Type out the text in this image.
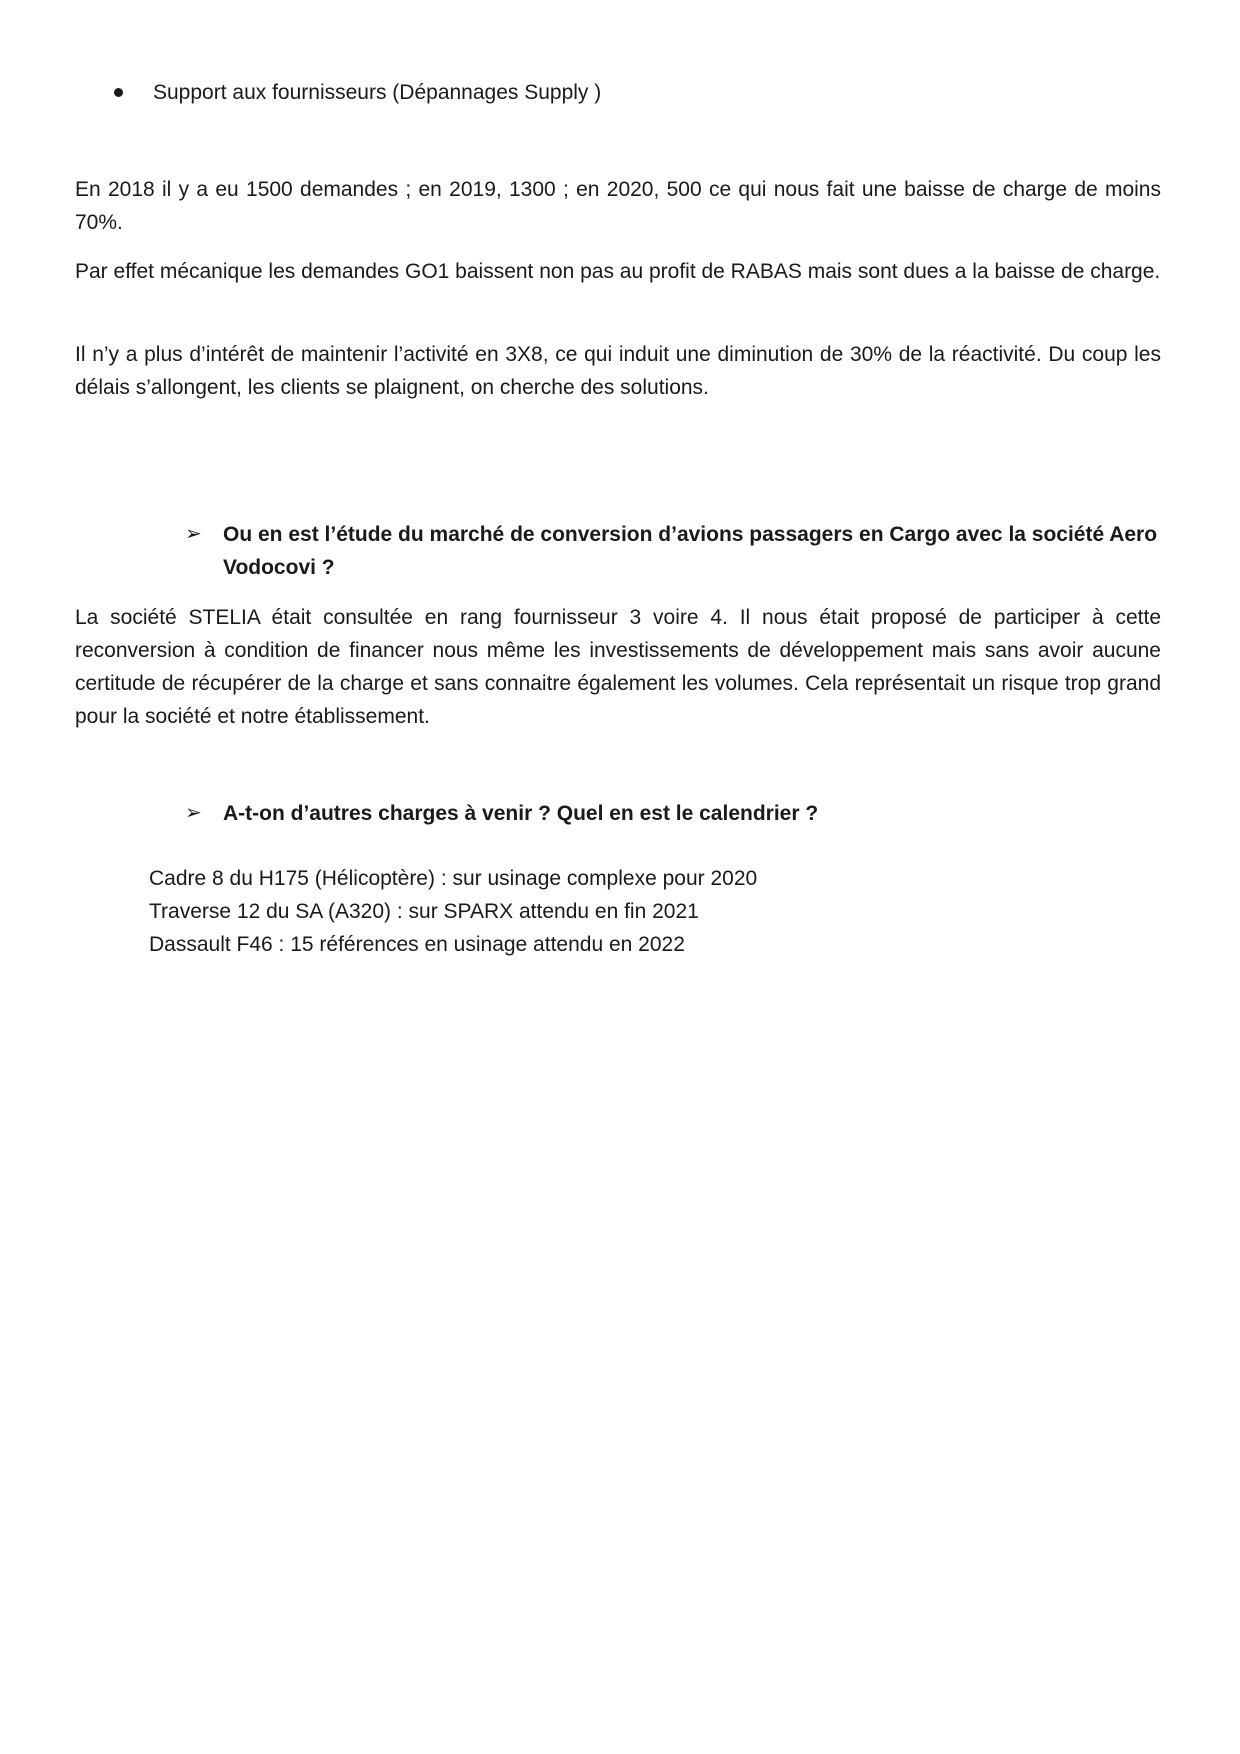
Support aux fournisseurs (Dépannages Supply )

En 2018 il y a eu 1500 demandes ; en 2019, 1300 ; en 2020, 500 ce qui nous fait une baisse de charge de moins 70%.

Par effet mécanique les demandes GO1 baissent non pas au profit de RABAS mais sont dues a la baisse de charge.

Il n’y a plus d’intérêt de maintenir l’activité en 3X8, ce qui induit une diminution de 30% de la réactivité. Du coup les délais s’allongent, les clients se plaignent, on cherche des solutions.

➢	Ou en est l’étude du marché de conversion d’avions passagers en Cargo avec la société Aero Vodocovi ?

La société STELIA était consultée en rang fournisseur 3 voire 4. Il nous était proposé de participer à cette reconversion à condition de financer nous même les investissements de développement mais sans avoir aucune certitude de récupérer de la charge et sans connaitre également les volumes. Cela représentait un risque trop grand pour la société et notre établissement.

➢	A-t-on d’autres charges à venir ? Quel en est le calendrier ?

Cadre 8 du H175 (Hélicoptère) : sur usinage complexe pour 2020

Traverse 12 du SA (A320) : sur SPARX attendu en fin 2021

Dassault F46 : 15 références en usinage attendu en 2022
